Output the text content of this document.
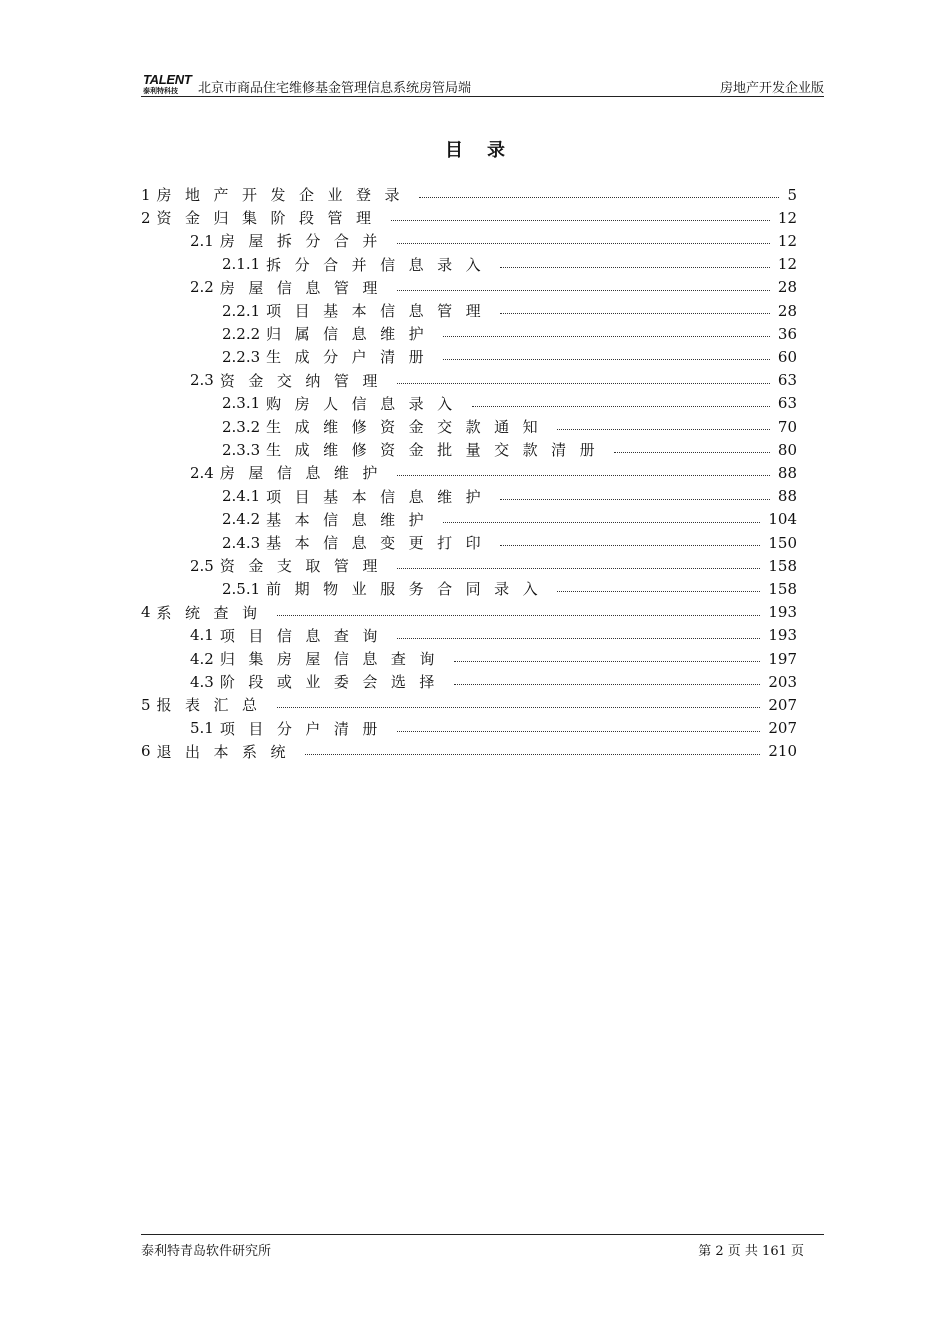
TALENT
泰利特科技 北京市商品住宅维修基金管理信息系统房管局端	房地产开发企业版
目录
1 房地产开发企业登录	5
2 资金归集阶段管理	12
2.1 房屋拆分合并	12
2.1.1 拆分合并信息录入	12
2.2 房屋信息管理	28
2.2.1 项目基本信息管理	28
2.2.2 归属信息维护	36
2.2.3 生成分户清册	60
2.3 资金交纳管理	63
2.3.1 购房人信息录入	63
2.3.2 生成维修资金交款通知	70
2.3.3 生成维修资金批量交款清册	80
2.4 房屋信息维护	88
2.4.1 项目基本信息维护	88
2.4.2 基本信息维护	104
2.4.3 基本信息变更打印	150
2.5 资金支取管理	158
2.5.1 前期物业服务合同录入	158
4 系统查询	193
4.1 项目信息查询	193
4.2 归集房屋信息查询	197
4.3 阶段或业委会选择	203
5 报表汇总	207
5.1 项目分户清册	207
6 退出本系统	210
泰利特青岛软件研究所	第 2 页 共 161 页
